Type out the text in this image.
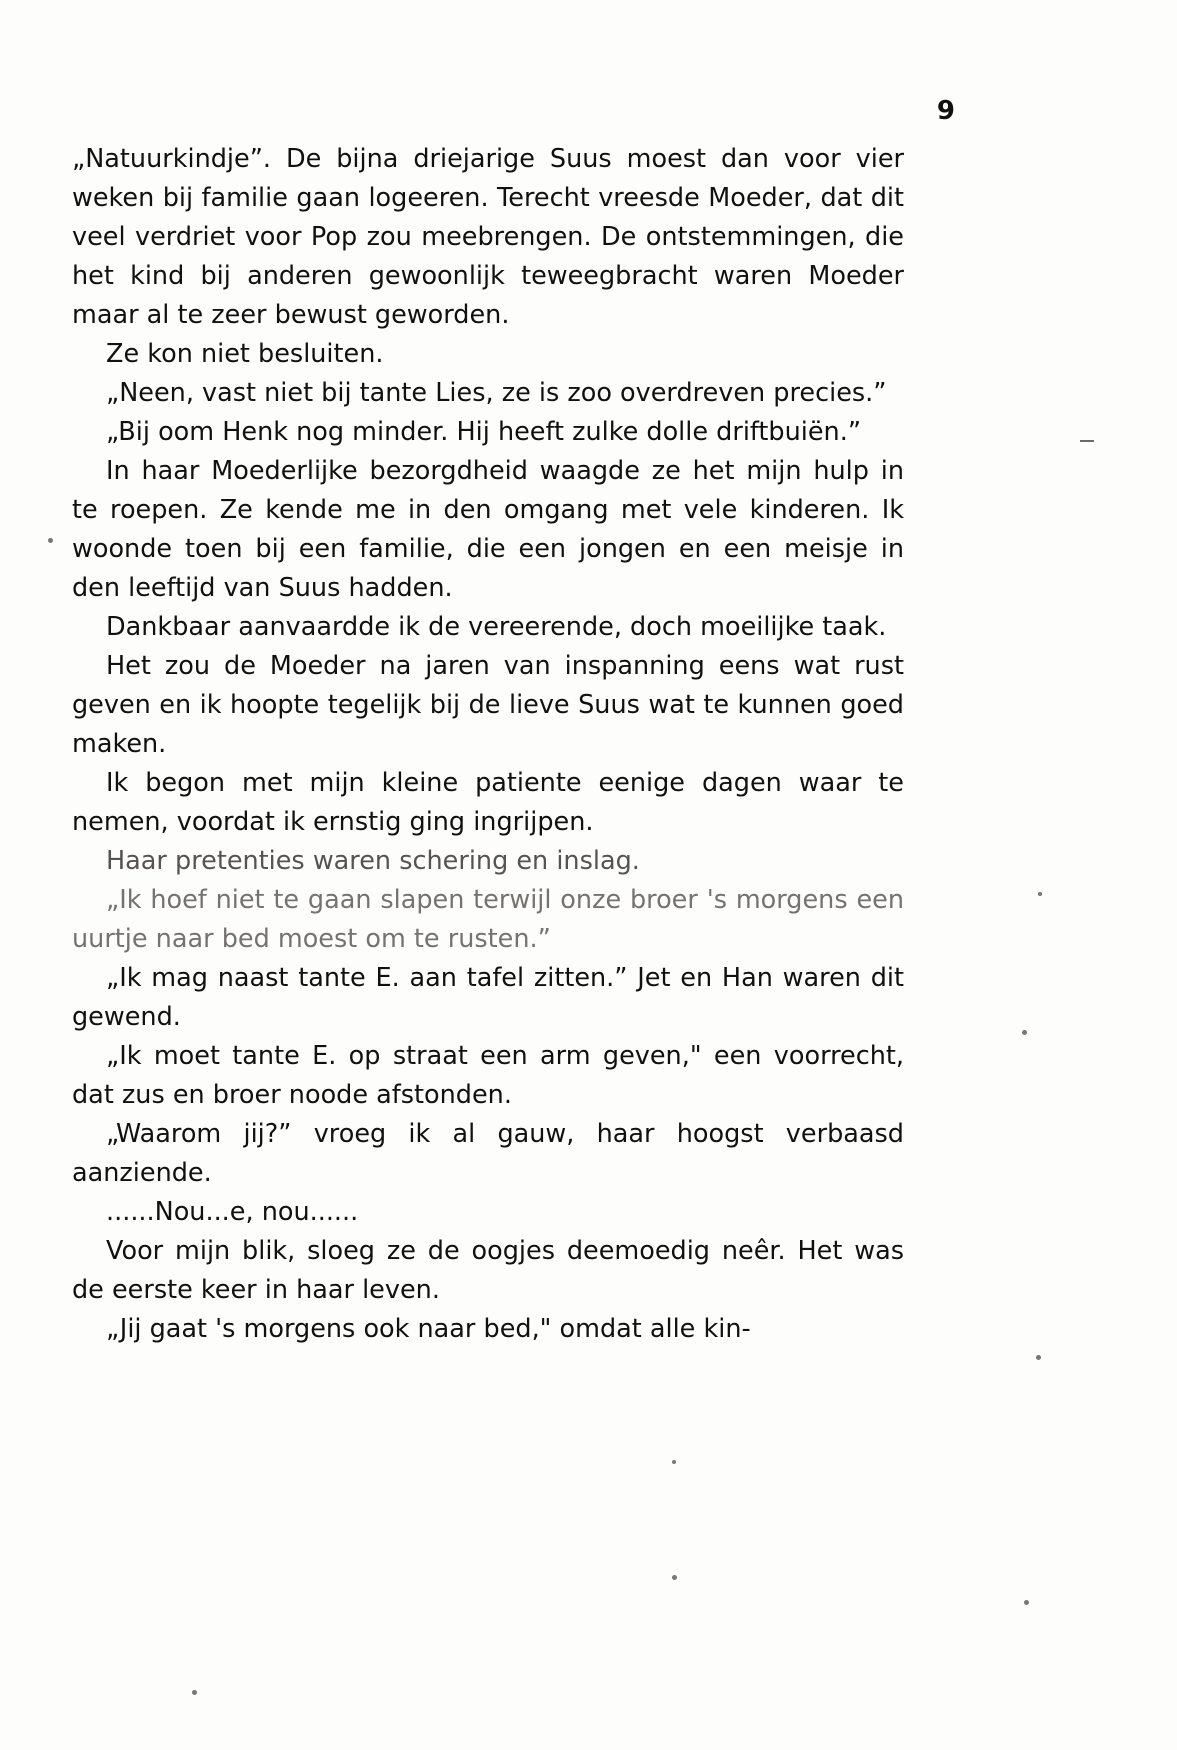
9

„Natuurkindje”. De bijna driejarige Suus moest dan voor vier weken bij familie gaan logeeren. Terecht vreesde Moeder, dat dit veel verdriet voor Pop zou meebrengen. De ontstemmingen, die het kind bij anderen gewoonlijk teweegbracht waren Moeder maar al te zeer bewust geworden.

Ze kon niet besluiten.

„Neen, vast niet bij tante Lies, ze is zoo overdreven precies.”

„Bij oom Henk nog minder. Hij heeft zulke dolle driftbuiën.”

In haar Moederlijke bezorgdheid waagde ze het mijn hulp in te roepen. Ze kende me in den omgang met vele kinderen. Ik woonde toen bij een familie, die een jongen en een meisje in den leeftijd van Suus hadden.

Dankbaar aanvaardde ik de vereerende, doch moeilijke taak.

Het zou de Moeder na jaren van inspanning eens wat rust geven en ik hoopte tegelijk bij de lieve Suus wat te kunnen goed maken.

Ik begon met mijn kleine patiente eenige dagen waar te nemen, voordat ik ernstig ging ingrijpen.

Haar pretenties waren schering en inslag.

„Ik hoef niet te gaan slapen terwijl onze broer 's morgens een uurtje naar bed moest om te rusten.”

„Ik mag naast tante E. aan tafel zitten.” Jet en Han waren dit gewend.

„Ik moet tante E. op straat een arm geven," een voorrecht, dat zus en broer noode afstonden.

„Waarom jij?” vroeg ik al gauw, haar hoogst verbaasd aanziende.

......Nou...e, nou......

Voor mijn blik, sloeg ze de oogjes deemoedig neêr. Het was de eerste keer in haar leven.

„Jij gaat 's morgens ook naar bed," omdat alle kin-
